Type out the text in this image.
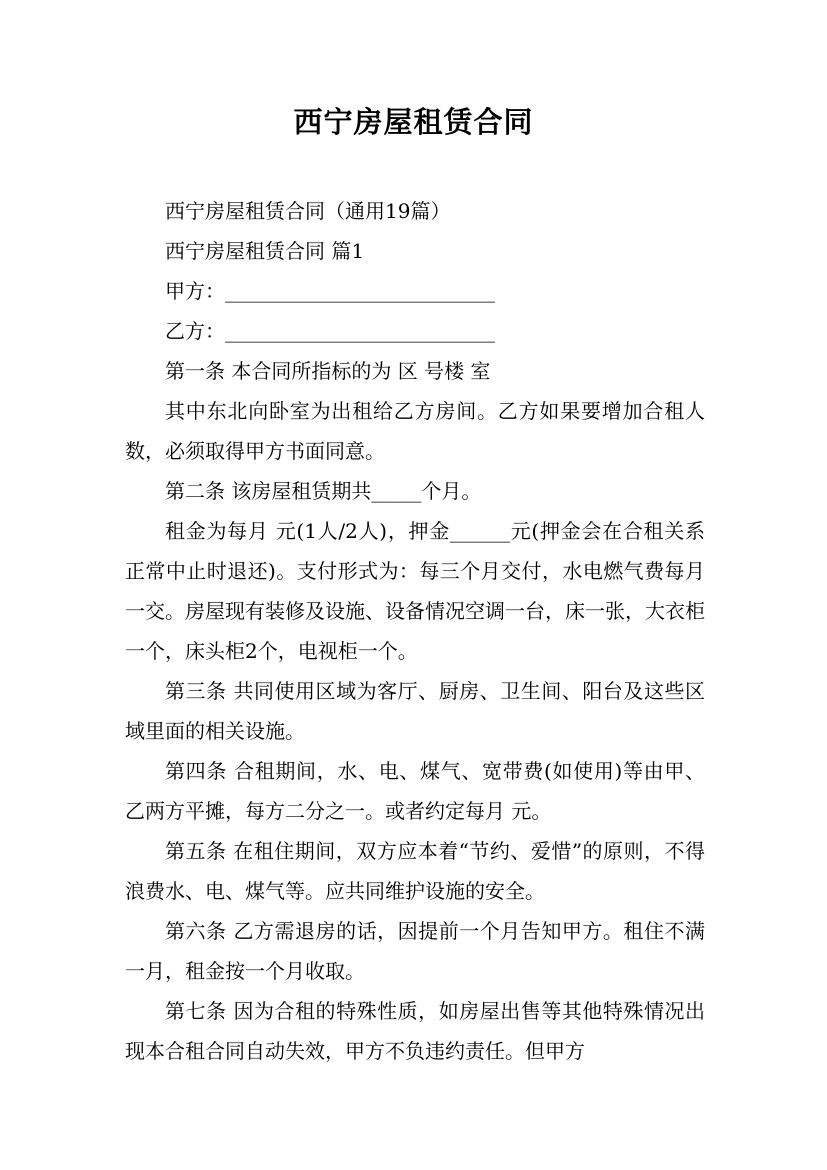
西宁房屋租赁合同

西宁房屋租赁合同（通用19篇）

西宁房屋租赁合同 篇1

甲方：___________________________

乙方：___________________________

第一条 本合同所指标的为 区 号楼 室

其中东北向卧室为出租给乙方房间。乙方如果要增加合租人数，必须取得甲方书面同意。

第二条 该房屋租赁期共_____个月。

租金为每月 元(1人/2人)，押金______元(押金会在合租关系正常中止时退还)。支付形式为：每三个月交付，水电燃气费每月一交。房屋现有装修及设施、设备情况空调一台，床一张，大衣柜一个，床头柜2个，电视柜一个。

第三条 共同使用区域为客厅、厨房、卫生间、阳台及这些区域里面的相关设施。

第四条 合租期间，水、电、煤气、宽带费(如使用)等由甲、乙两方平摊，每方二分之一。或者约定每月 元。

第五条 在租住期间，双方应本着“节约、爱惜”的原则，不得浪费水、电、煤气等。应共同维护设施的安全。

第六条 乙方需退房的话，因提前一个月告知甲方。租住不满一月，租金按一个月收取。

第七条 因为合租的特殊性质，如房屋出售等其他特殊情况出现本合租合同自动失效，甲方不负违约责任。但甲方
